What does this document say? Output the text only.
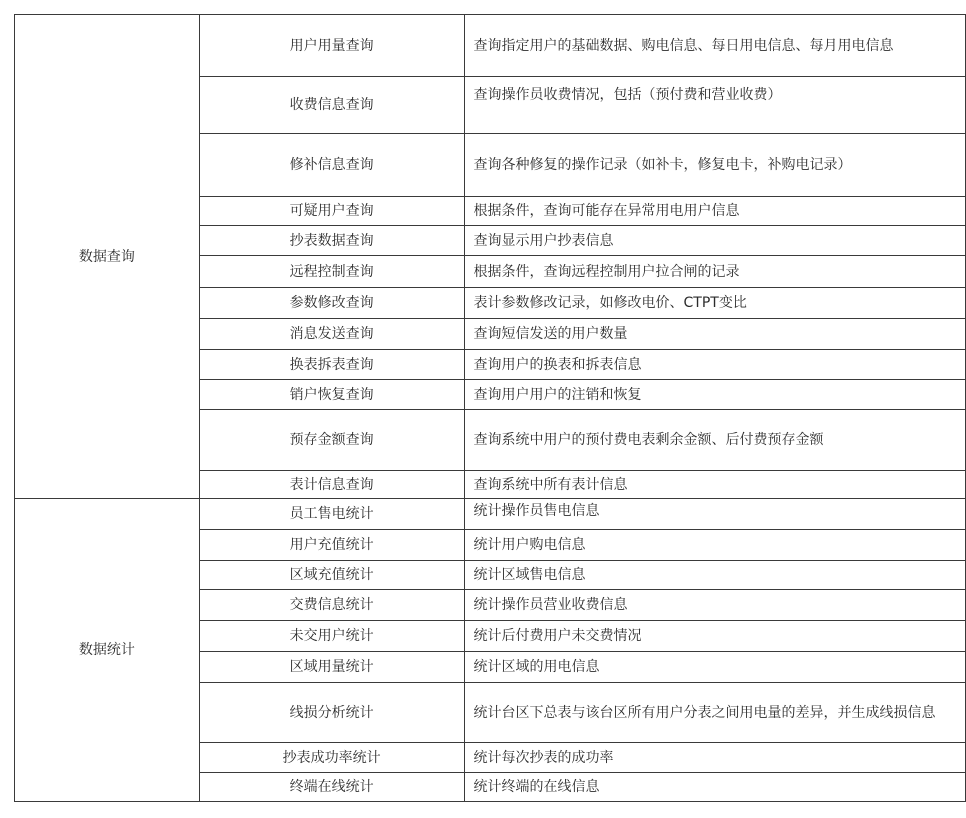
数据查询	用户用量查询	查询指定用户的基础数据、购电信息、每日用电信息、每月用电信息
	收费信息查询	查询操作员收费情况，包括（预付费和营业收费）
	修补信息查询	查询各种修复的操作记录（如补卡，修复电卡，补购电记录）
	可疑用户查询	根据条件，查询可能存在异常用电用户信息
	抄表数据查询	查询显示用户抄表信息
	远程控制查询	根据条件，查询远程控制用户拉合闸的记录
	参数修改查询	表计参数修改记录，如修改电价、CTPT变比
	消息发送查询	查询短信发送的用户数量
	换表拆表查询	查询用户的换表和拆表信息
	销户恢复查询	查询用户用户的注销和恢复
	预存金额查询	查询系统中用户的预付费电表剩余金额、后付费预存金额
	表计信息查询	查询系统中所有表计信息
数据统计	员工售电统计	统计操作员售电信息
	用户充值统计	统计用户购电信息
	区域充值统计	统计区域售电信息
	交费信息统计	统计操作员营业收费信息
	未交用户统计	统计后付费用户未交费情况
	区域用量统计	统计区域的用电信息
	线损分析统计	统计台区下总表与该台区所有用户分表之间用电量的差异，并生成线损信息
	抄表成功率统计	统计每次抄表的成功率
	终端在线统计	统计终端的在线信息
